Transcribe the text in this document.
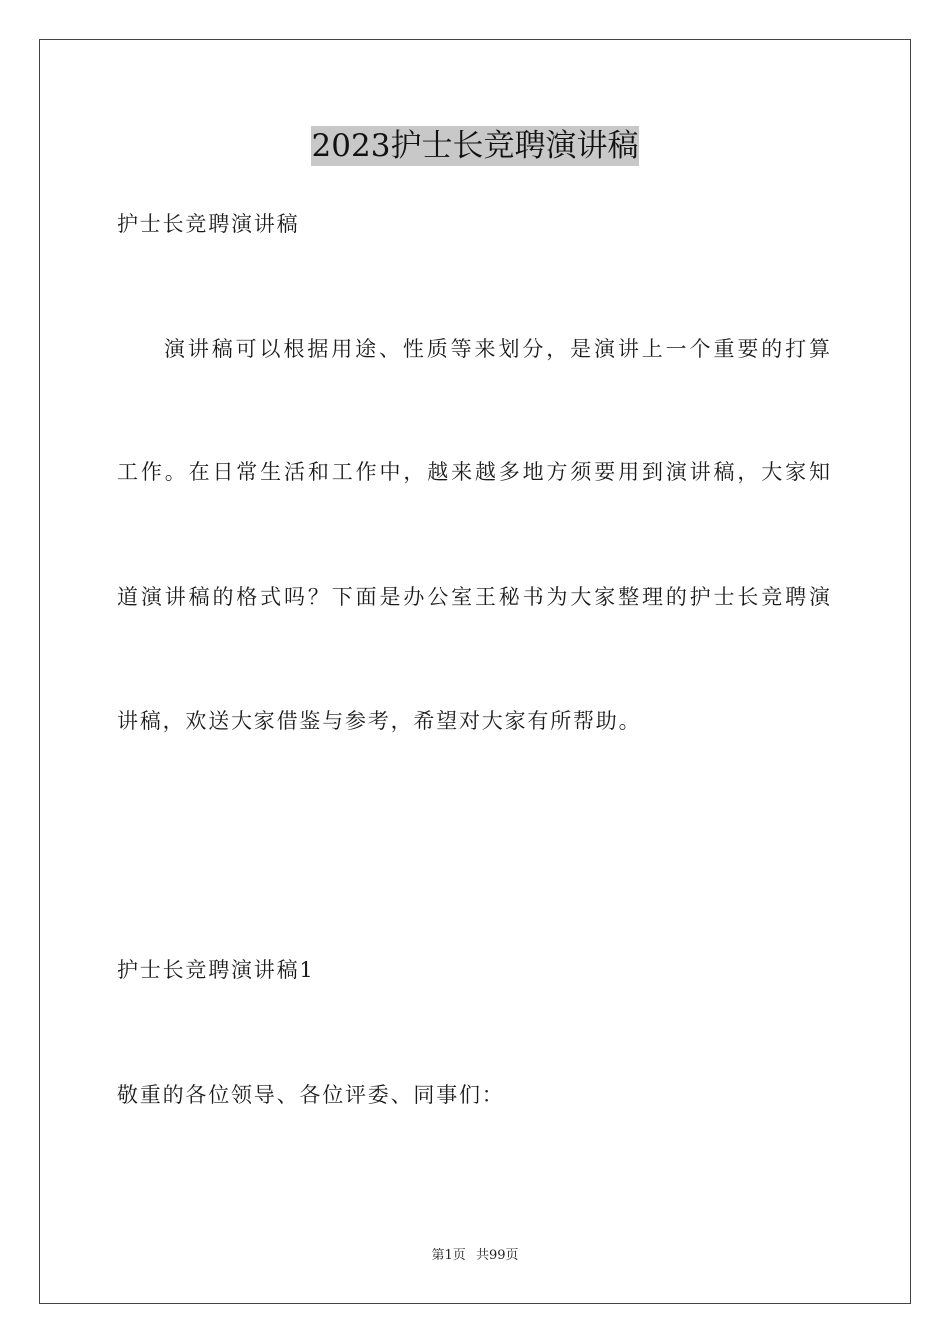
2023护士长竞聘演讲稿
护士长竞聘演讲稿
演讲稿可以根据用途、性质等来划分，是演讲上一个重要的打算
工作。在日常生活和工作中，越来越多地方须要用到演讲稿，大家知
道演讲稿的格式吗？下面是办公室王秘书为大家整理的护士长竞聘演
讲稿，欢送大家借鉴与参考，希望对大家有所帮助。
护士长竞聘演讲稿1
敬重的各位领导、各位评委、同事们：
第1页 共99页
